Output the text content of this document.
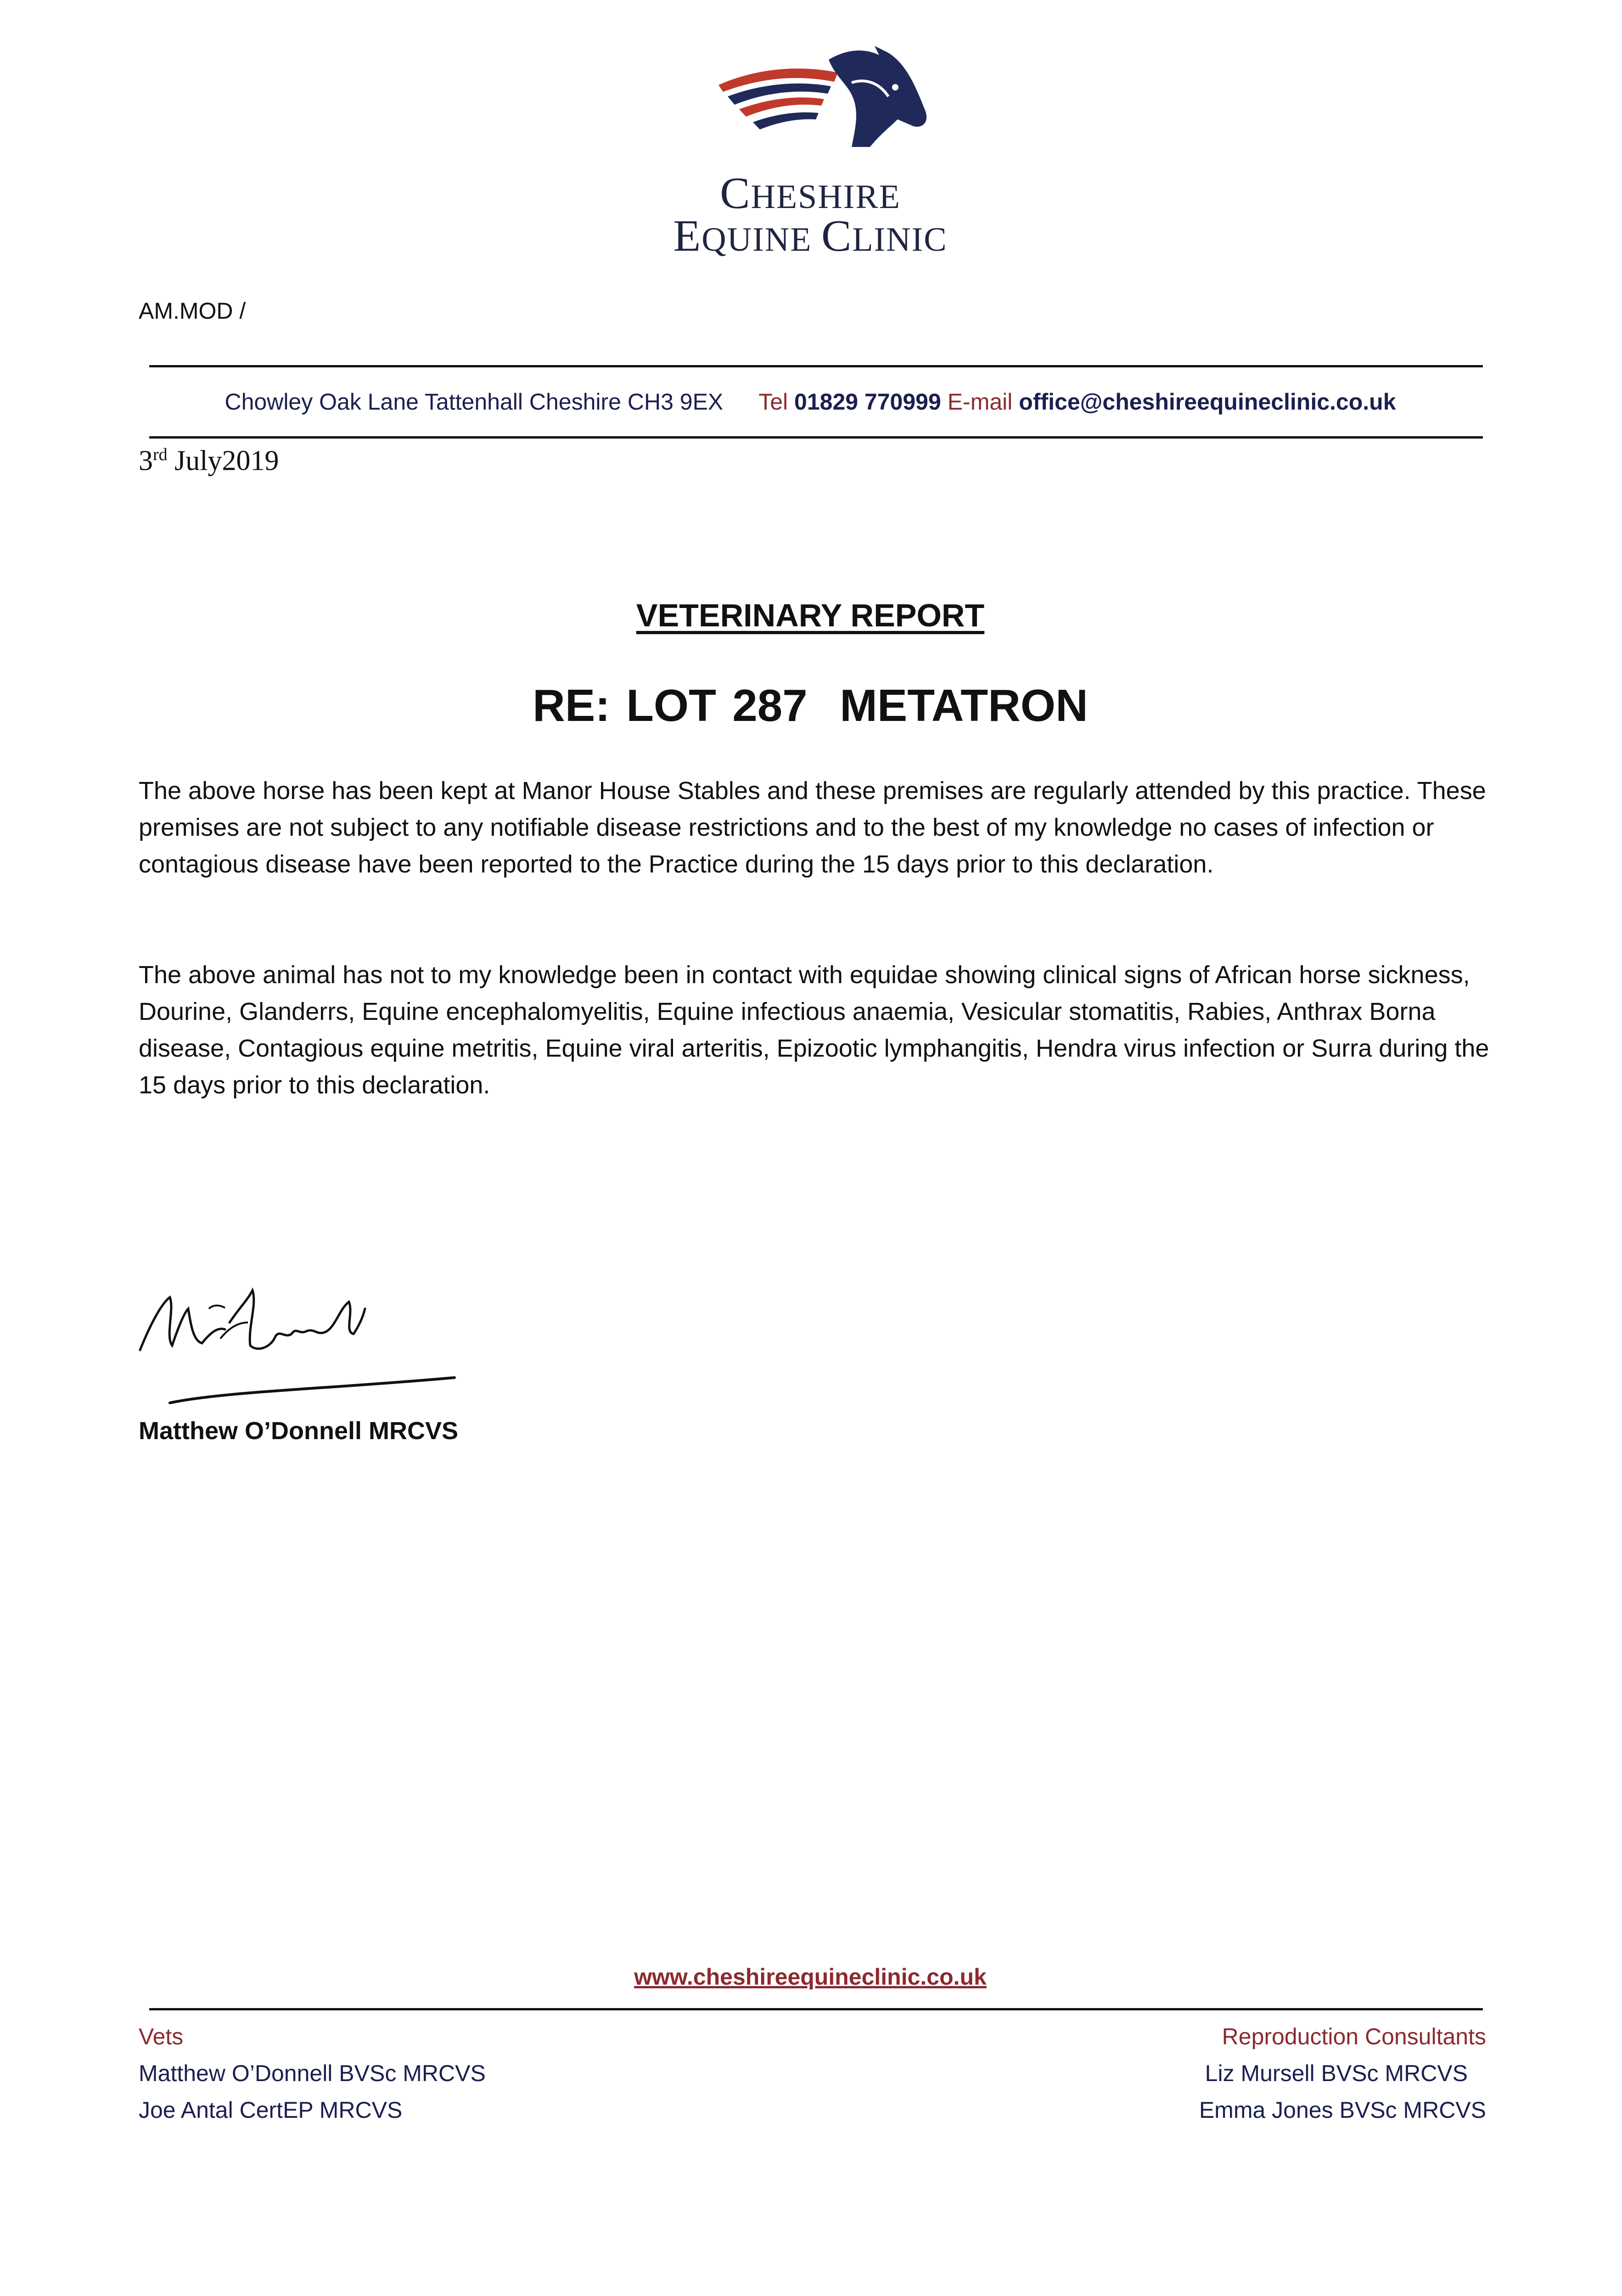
CHESHIRE
EQUINE CLINIC
AM.MOD /
Chowley Oak Lane Tattenhall Cheshire CH3 9EX Tel 01829 770999 E-mail office@cheshireequineclinic.co.uk
3rd July2019
VETERINARY REPORT
RE: LOT 287  METATRON
The above horse has been kept at Manor House Stables and these premises are regularly attended by this practice. These premises are not subject to any notifiable disease restrictions and to the best of my knowledge no cases of infection or contagious disease have been reported to the Practice during the 15 days prior to this declaration.
The above animal has not to my knowledge been in contact with equidae showing clinical signs of African horse sickness, Dourine, Glanderrs, Equine encephalomyelitis, Equine infectious anaemia, Vesicular stomatitis, Rabies, Anthrax Borna disease, Contagious equine metritis, Equine viral arteritis, Epizootic lymphangitis, Hendra virus infection or Surra during the 15 days prior to this declaration.
Matthew O’Donnell MRCVS
www.cheshireequineclinic.co.uk
Vets
Matthew O’Donnell BVSc MRCVS
Joe Antal CertEP MRCVS
Reproduction Consultants
Liz Mursell BVSc MRCVS
Emma Jones BVSc MRCVS
